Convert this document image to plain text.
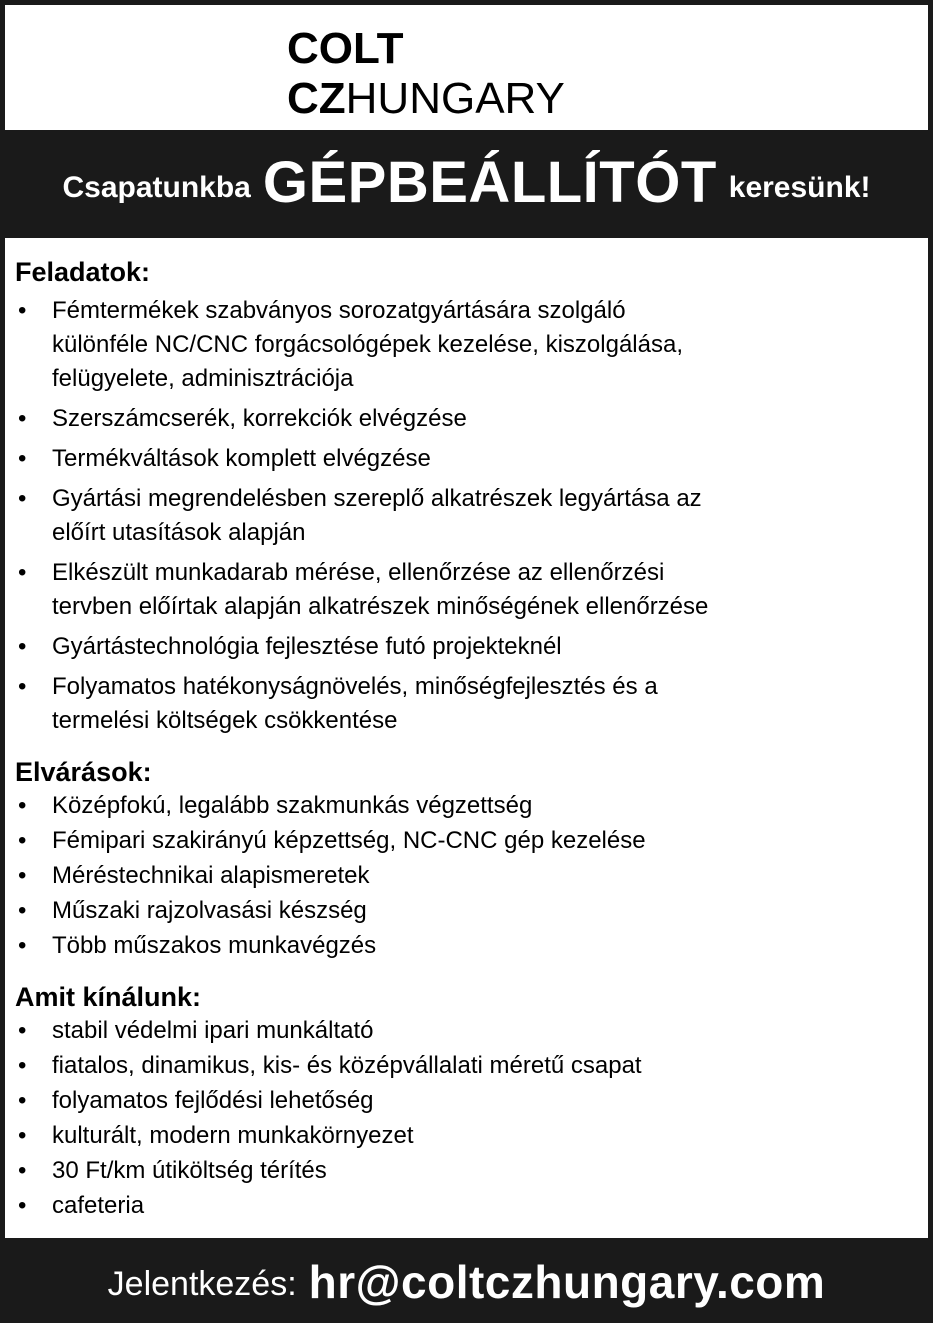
COLT
CZHUNGARY
Csapatunkba GÉPBEÁLLÍTÓT keresünk!
Feladatok:
• Fémtermékek szabványos sorozatgyártására szolgáló
különféle NC/CNC forgácsológépek kezelése, kiszolgálása,
felügyelete, adminisztrációja
• Szerszámcserék, korrekciók elvégzése
• Termékváltások komplett elvégzése
• Gyártási megrendelésben szereplő alkatrészek legyártása az
előírt utasítások alapján
• Elkészült munkadarab mérése, ellenőrzése az ellenőrzési
tervben előírtak alapján alkatrészek minőségének ellenőrzése
• Gyártástechnológia fejlesztése futó projekteknél
• Folyamatos hatékonyságnövelés, minőségfejlesztés és a
termelési költségek csökkentése
Elvárások:
• Középfokú, legalább szakmunkás végzettség
• Fémipari szakirányú képzettség, NC-CNC gép kezelése
• Méréstechnikai alapismeretek
• Műszaki rajzolvasási készség
• Több műszakos munkavégzés
Amit kínálunk:
• stabil védelmi ipari munkáltató
• fiatalos, dinamikus, kis- és középvállalati méretű csapat
• folyamatos fejlődési lehetőség
• kulturált, modern munkakörnyezet
• 30 Ft/km útiköltség térítés
• cafeteria
Jelentkezés: hr@coltczhungary.com
